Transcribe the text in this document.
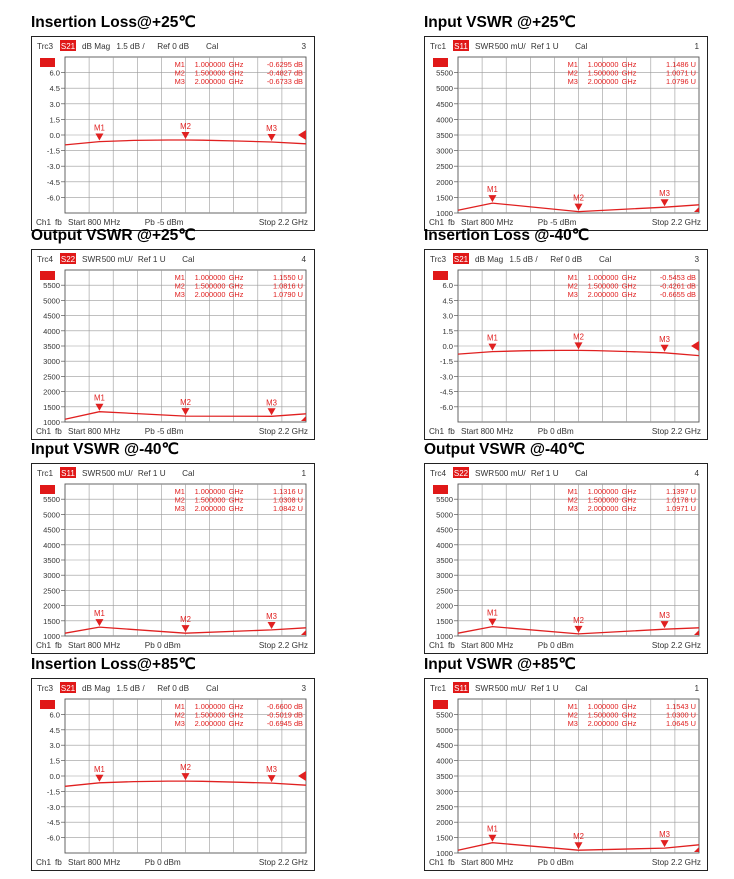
Insertion Loss@+25℃
Trc3 S21 dB Mag 1.5 dB / Ref 0 dB Cal	3
6.0
4.5
3.0
1.5
0.0
-1.5
-3.0
-4.5
-6.0
M1	M2	M3
M1 1.000000 GHz	-0.6295 dB
M2 1.500000 GHz	-0.4827 dB
M3 2.000000 GHz	-0.6733 dB
Ch1 fb Start 800 MHz	Pb -5 dBm	Stop 2.2 GHz
Input VSWR @+25℃
Trc1 S11 SWR 500 mU/ Ref 1 U Cal	1
5500
5000
4500
4000
3500
3000
2500
2000
1500
1000
M1
M2	M3
M1 1.000000 GHz	1.1486 U
M2 1.500000 GHz	1.0071 U
M3 2.000000 GHz	1.0796 U
Ch1 fb Start 800 MHz	Pb -5 dBm	Stop 2.2 GHz
Output VSWR @+25℃
Trc4 S22 SWR 500 mU/ Ref 1 U Cal	4
5500
5000
4500
4000
3500
3000
2500
2000
1500
1000
M1	M2	M3
M1 1.000000 GHz	1.1550 U
M2 1.500000 GHz	1.0816 U
M3 2.000000 GHz	1.0790 U
Ch1 fb Start 800 MHz	Pb -5 dBm	Stop 2.2 GHz
Insertion Loss @-40℃
Trc3 S21 dB Mag 1.5 dB / Ref 0 dB Cal	3
6.0
4.5
3.0
1.5
0.0
-1.5
-3.0
-4.5
-6.0
M1	M2	M3
M1 1.000000 GHz	-0.5453 dB
M2 1.500000 GHz	-0.4261 dB
M3 2.000000 GHz	-0.6655 dB
Ch1 fb Start 800 MHz	Pb 0 dBm	Stop 2.2 GHz
Input VSWR @-40℃
Trc1 S11 SWR 500 mU/ Ref 1 U Cal	1
5500
5000
4500
4000
3500
3000
2500
2000
1500
1000
M1
M2	M3
M1 1.000000 GHz	1.1316 U
M2 1.500000 GHz	1.0308 U
M3 2.000000 GHz	1.0842 U
Ch1 fb Start 800 MHz	Pb 0 dBm	Stop 2.2 GHz
Output VSWR @-40℃
Trc4 S22 SWR 500 mU/ Ref 1 U Cal	4
5500
5000
4500
4000
3500
3000
2500
2000
1500
1000
M1
M2
M3
M1 1.000000 GHz	1.1397 U
M2 1.500000 GHz	1.0178 U
M3 2.000000 GHz	1.0971 U
Ch1 fb Start 800 MHz	Pb 0 dBm	Stop 2.2 GHz
Insertion Loss@+85℃
Trc3 S21 dB Mag 1.5 dB / Ref 0 dB Cal	3
6.0
4.5
3.0
1.5
0.0
-1.5
-3.0
-4.5
-6.0
M1	M2	M3
M1 1.000000 GHz	-0.6600 dB
M2 1.500000 GHz	-0.5019 dB
M3 2.000000 GHz	-0.6945 dB
Ch1 fb Start 800 MHz	Pb 0 dBm	Stop 2.2 GHz
Input VSWR @+85℃
Trc1 S11 SWR 500 mU/ Ref 1 U Cal	1
5500
5000
4500
4000
3500
3000
2500
2000
1500
1000
M1
M2	M3
M1 1.000000 GHz	1.1543 U
M2 1.500000 GHz	1.0300 U
M3 2.000000 GHz	1.0645 U
Ch1 fb Start 800 MHz	Pb 0 dBm	Stop 2.2 GHz
